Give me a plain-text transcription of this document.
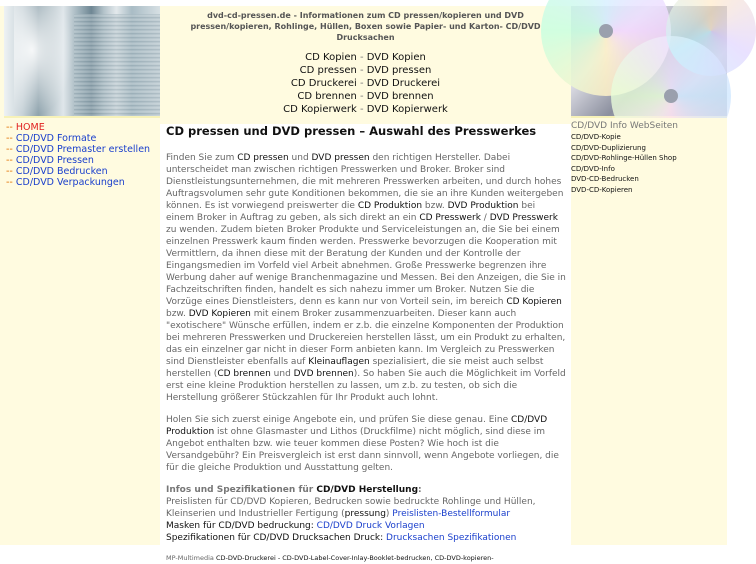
dvd-cd-pressen.de - Informationen zum CD pressen/kopieren und DVD pressen/kopieren, Rohlinge, Hüllen, Boxen sowie Papier- und Karton- CD/DVD Drucksachen
CD Kopien - DVD Kopien
CD pressen - DVD pressen
CD Druckerei - DVD Druckerei
CD brennen - DVD brennen
CD Kopierwerk - DVD Kopierwerk
-- HOME
-- CD/DVD Formate
-- CD/DVD Premaster erstellen
-- CD/DVD Pressen
-- CD/DVD Bedrucken
-- CD/DVD Verpackungen
CD pressen und DVD pressen – Auswahl des Presswerkes

Finden Sie zum CD pressen und DVD pressen den richtigen Hersteller. Dabei unterscheidet man zwischen richtigen Presswerken und Broker. Broker sind Dienstleistungsunternehmen, die mit mehreren Presswerken arbeiten, und durch hohes Auftragsvolumen sehr gute Konditionen bekommen, die sie an ihre Kunden weitergeben können. Es ist vorwiegend preiswerter die CD Produktion bzw. DVD Produktion bei einem Broker in Auftrag zu geben, als sich direkt an ein CD Presswerk / DVD Presswerk zu wenden. Zudem bieten Broker Produkte und Serviceleistungen an, die Sie bei einem einzelnen Presswerk kaum finden werden. Presswerke bevorzugen die Kooperation mit Vermittlern, da ihnen diese mit der Beratung der Kunden und der Kontrolle der Eingangsmedien im Vorfeld viel Arbeit abnehmen. Große Presswerke begrenzen ihre Werbung daher auf wenige Branchenmagazine und Messen. Bei den Anzeigen, die Sie in Fachzeitschriften finden, handelt es sich nahezu immer um Broker. Nutzen Sie die Vorzüge eines Dienstleisters, denn es kann nur von Vorteil sein, im bereich CD Kopieren bzw. DVD Kopieren mit einem Broker zusammenzuarbeiten. Dieser kann auch "exotischere" Wünsche erfüllen, indem er z.b. die einzelne Komponenten der Produktion bei mehreren Presswerken und Druckereien herstellen lässt, um ein Produkt zu erhalten, das ein einzelner gar nicht in dieser Form anbieten kann. Im Vergleich zu Presswerken sind Dienstleister ebenfalls auf Kleinauflagen spezialisiert, die sie meist auch selbst herstellen (CD brennen und DVD brennen). So haben Sie auch die Möglichkeit im Vorfeld erst eine kleine Produktion herstellen zu lassen, um z.b. zu testen, ob sich die Herstellung größerer Stückzahlen für Ihr Produkt auch lohnt.

Holen Sie sich zuerst einige Angebote ein, und prüfen Sie diese genau. Eine CD/DVD Produktion ist ohne Glasmaster und Lithos (Druckfilme) nicht möglich, sind diese im Angebot enthalten bzw. wie teuer kommen diese Posten? Wie hoch ist die Versandgebühr? Ein Preisvergleich ist erst dann sinnvoll, wenn Angebote vorliegen, die für die gleiche Produktion und Ausstattung gelten.

Infos und Spezifikationen für CD/DVD Herstellung:
Preislisten für CD/DVD Kopieren, Bedrucken sowie bedruckte Rohlinge und Hüllen, Kleinserien und Industrieller Fertigung (pressung) Preislisten-Bestellformular
Masken für CD/DVD bedruckung: CD/DVD Druck Vorlagen
Spezifikationen für CD/DVD Drucksachen Druck: Drucksachen Spezifikationen
MP-Multimedia CD-DVD-Druckerei - CD-DVD-Label-Cover-Inlay-Booklet-bedrucken, CD-DVD-kopieren-
CD/DVD Info WebSeiten
CD/DVD-Kopie
CD/DVD-Duplizierung
CD/DVD-Rohlinge-Hüllen Shop
CD/DVD-Info
DVD-CD-Bedrucken
DVD-CD-Kopieren
